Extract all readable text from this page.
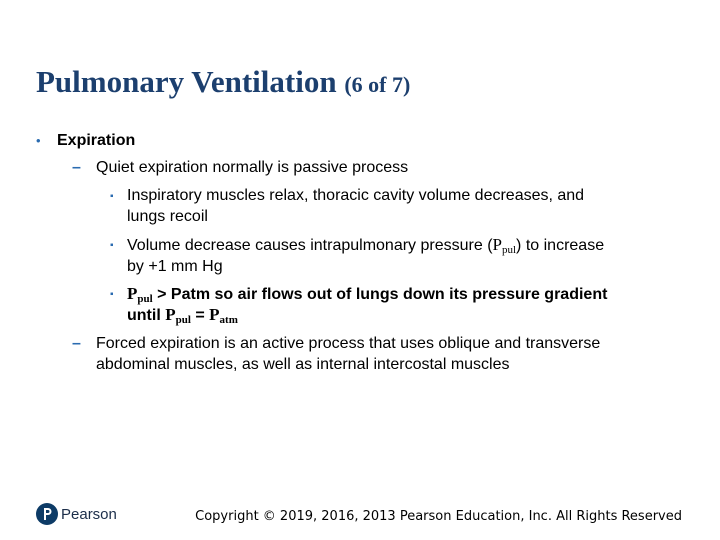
Pulmonary Ventilation (6 of 7)
• Expiration
– Quiet expiration normally is passive process
▪ Inspiratory muscles relax, thoracic cavity volume decreases, and
lungs recoil
▪ Volume decrease causes intrapulmonary pressure (Ppul) to increase
by +1 mm Hg
▪ Ppul > Patm so air flows out of lungs down its pressure gradient
until Ppul = Patm
– Forced expiration is an active process that uses oblique and transverse
abdominal muscles, as well as internal intercostal muscles
Pearson	Copyright © 2019, 2016, 2013 Pearson Education, Inc. All Rights Reserved
